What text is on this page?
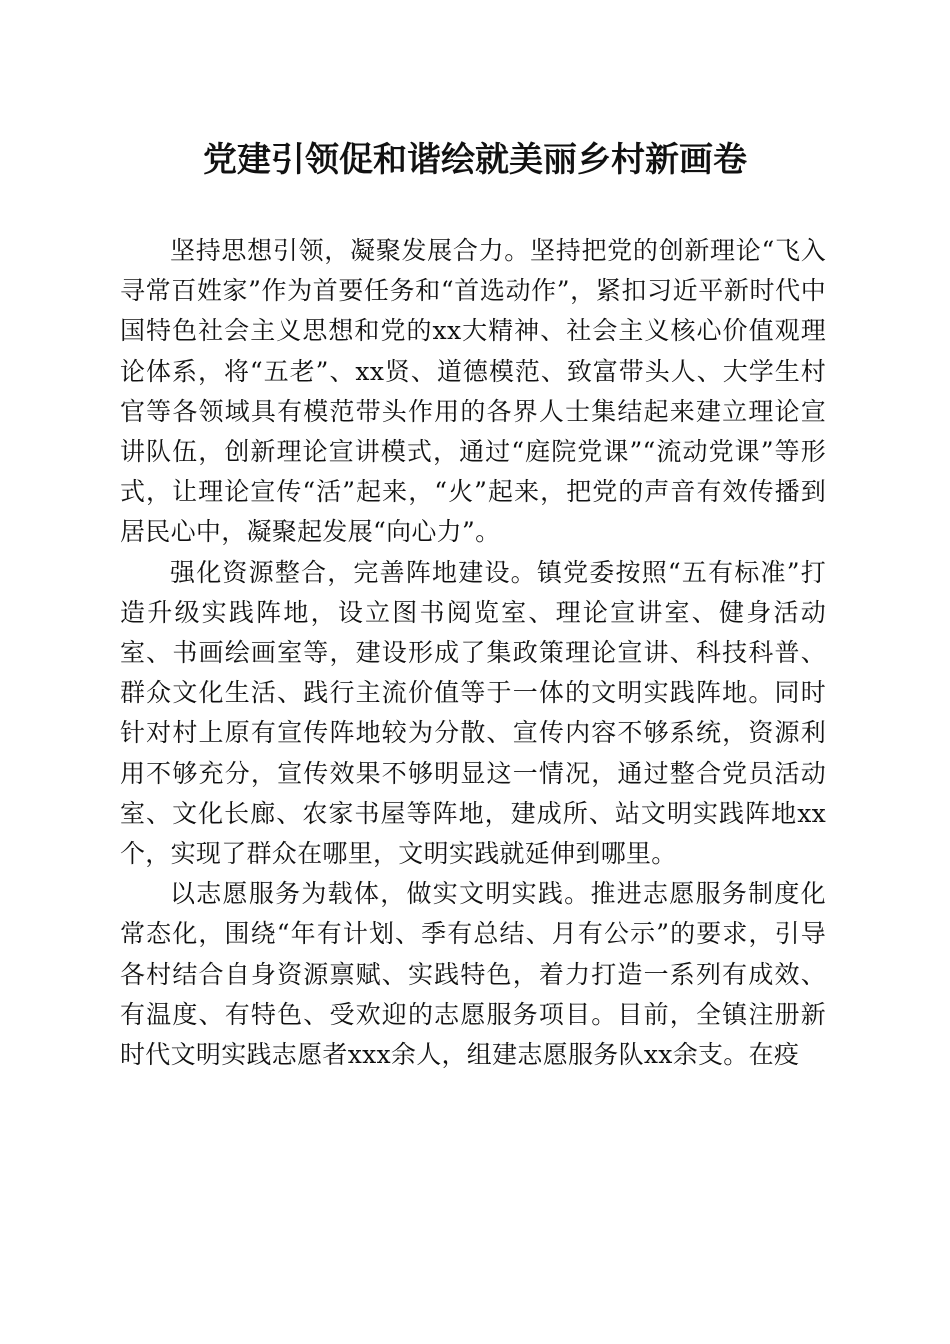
党建引领促和谐绘就美丽乡村新画卷

坚持思想引领，凝聚发展合力。坚持把党的创新理论“飞入寻常百姓家”作为首要任务和“首选动作”，紧扣习近平新时代中国特色社会主义思想和党的xx大精神、社会主义核心价值观理论体系，将“五老”、xx贤、道德模范、致富带头人、大学生村官等各领域具有模范带头作用的各界人士集结起来建立理论宣讲队伍，创新理论宣讲模式，通过“庭院党课”“流动党课”等形式，让理论宣传“活”起来，“火”起来，把党的声音有效传播到居民心中，凝聚起发展“向心力”。

强化资源整合，完善阵地建设。镇党委按照“五有标准”打造升级实践阵地，设立图书阅览室、理论宣讲室、健身活动室、书画绘画室等，建设形成了集政策理论宣讲、科技科普、群众文化生活、践行主流价值等于一体的文明实践阵地。同时针对村上原有宣传阵地较为分散、宣传内容不够系统，资源利用不够充分，宣传效果不够明显这一情况，通过整合党员活动室、文化长廊、农家书屋等阵地，建成所、站文明实践阵地xx个，实现了群众在哪里，文明实践就延伸到哪里。

以志愿服务为载体，做实文明实践。推进志愿服务制度化常态化，围绕“年有计划、季有总结、月有公示”的要求，引导各村结合自身资源禀赋、实践特色，着力打造一系列有成效、有温度、有特色、受欢迎的志愿服务项目。目前，全镇注册新时代文明实践志愿者xxx余人，组建志愿服务队xx余支。在疫
